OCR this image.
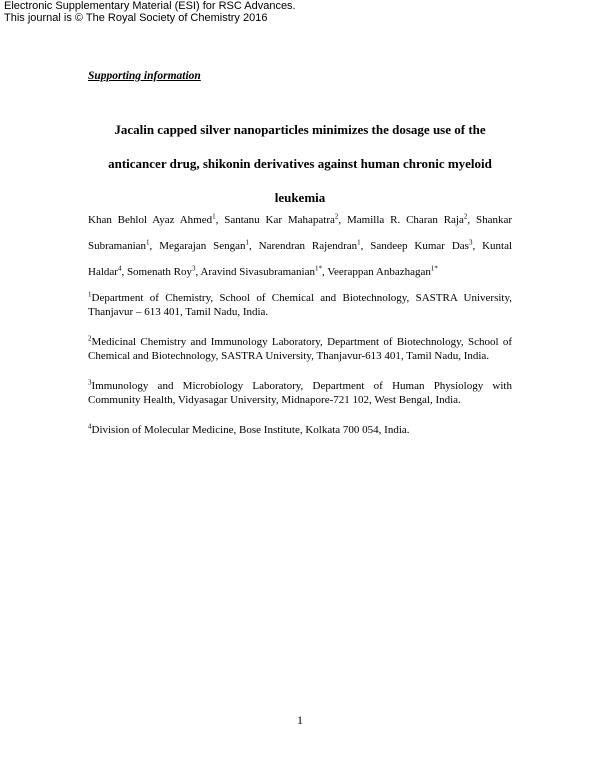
Electronic Supplementary Material (ESI) for RSC Advances.
This journal is © The Royal Society of Chemistry 2016
Supporting information
Jacalin capped silver nanoparticles minimizes the dosage use of the anticancer drug, shikonin derivatives against human chronic myeloid leukemia
Khan Behlol Ayaz Ahmed$^1$, Santanu Kar Mahapatra$^2$, Mamilla R. Charan Raja$^2$, Shankar Subramanian$^1$, Megarajan Sengan$^1$, Narendran Rajendran$^1$, Sandeep Kumar Das$^3$, Kuntal Haldar$^4$, Somenath Roy$^3$, Aravind Sivasubramanian$^{1*}$, Veerappan Anbazhagan$^{1*}$

$^1$Department of Chemistry, School of Chemical and Biotechnology, SASTRA University, Thanjavur – 613 401, Tamil Nadu, India.

$^2$Medicinal Chemistry and Immunology Laboratory, Department of Biotechnology, School of Chemical and Biotechnology, SASTRA University, Thanjavur-613 401, Tamil Nadu, India.

$^3$Immunology and Microbiology Laboratory, Department of Human Physiology with Community Health, Vidyasagar University, Midnapore-721 102, West Bengal, India.

$^4$Division of Molecular Medicine, Bose Institute, Kolkata 700 054, India.

1
